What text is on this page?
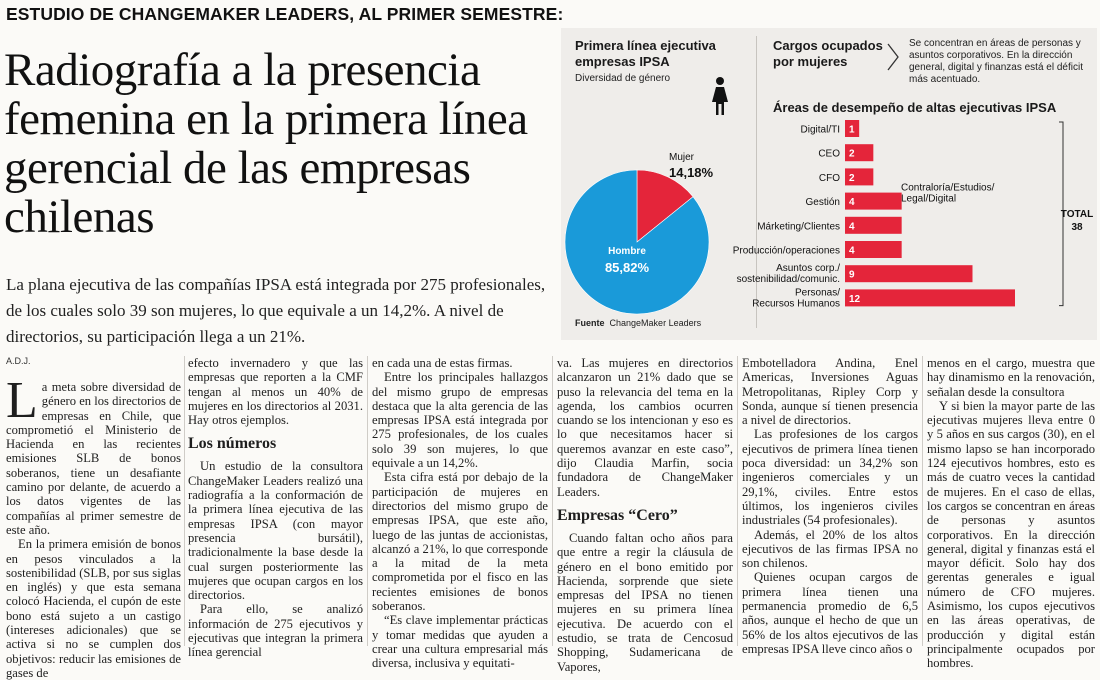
ESTUDIO DE CHANGEMAKER LEADERS, AL PRIMER SEMESTRE:
Radiografía a la presencia femenina en la primera línea gerencial de las empresas chilenas

La plana ejecutiva de las compañías IPSA está integrada por 275 profesionales, de los cuales solo 39 son mujeres, lo que equivale a un 14,2%. A nivel de directorios, su participación llega a un 21%.

Primera línea ejecutiva empresas IPSA
Diversidad de género
Mujer
14,18%
Hombre
85,82%
Fuente ChangeMaker Leaders
Cargos ocupados por mujeres
Se concentran en áreas de personas y asuntos corporativos. En la dirección general, digital y finanzas está el déficit más acentuado.
Áreas de desempeño de altas ejecutivas IPSA
Digital/TI 1
CEO 2
CFO 2
Gestión 4
Márketing/Clientes 4
Producción/operaciones 4
Asuntos corp./
sostenibilidad/comunic. 9
Personas/
Recursos Humanos 12
Contraloría/Estudios/
Legal/Digital
TOTAL
38
A.D.J.

La meta sobre diversidad de género en los directorios de empresas en Chile, que comprometió el Ministerio de Hacienda en las recientes emisiones SLB de bonos soberanos, tiene un desafiante camino por delante, de acuerdo a los datos vigentes de las compañías al primer semestre de este año.

En la primera emisión de bonos en pesos vinculados a la sostenibilidad (SLB, por sus siglas en inglés) y que esta semana colocó Hacienda, el cupón de este bono está sujeto a un castigo (intereses adicionales) que se activa si no se cumplen dos objetivos: reducir las emisiones de gases de

efecto invernadero y que las empresas que reporten a la CMF tengan al menos un 40% de mujeres en los directorios al 2031. Hay otros ejemplos.

Los números

Un estudio de la consultora ChangeMaker Leaders realizó una radiografía a la conformación de la primera línea ejecutiva de las empresas IPSA (con mayor presencia bursátil), tradicionalmente la base desde la cual surgen posteriormente las mujeres que ocupan cargos en los directorios.

Para ello, se analizó información de 275 ejecutivos y ejecutivas que integran la primera línea gerencial

en cada una de estas firmas.

Entre los principales hallazgos del mismo grupo de empresas destaca que la alta gerencia de las empresas IPSA está integrada por 275 profesionales, de los cuales solo 39 son mujeres, lo que equivale a un 14,2%.

Esta cifra está por debajo de la participación de mujeres en directorios del mismo grupo de empresas IPSA, que este año, luego de las juntas de accionistas, alcanzó a 21%, lo que corresponde a la mitad de la meta comprometida por el fisco en las recientes emisiones de bonos soberanos.

“Es clave implementar prácticas y tomar medidas que ayuden a crear una cultura empresarial más diversa, inclusiva y equitati-

va. Las mujeres en directorios alcanzaron un 21% dado que se puso la relevancia del tema en la agenda, los cambios ocurren cuando se los intencionan y eso es lo que necesitamos hacer si queremos avanzar en este caso”, dijo Claudia Marfin, socia fundadora de ChangeMaker Leaders.

Empresas “Cero”

Cuando faltan ocho años para que entre a regir la cláusula de género en el bono emitido por Hacienda, sorprende que siete empresas del IPSA no tienen mujeres en su primera línea ejecutiva. De acuerdo con el estudio, se trata de Cencosud Shopping, Sudamericana de Vapores,

Embotelladora Andina, Enel Americas, Inversiones Aguas Metropolitanas, Ripley Corp y Sonda, aunque sí tienen presencia a nivel de directorios.

Las profesiones de los cargos ejecutivos de primera línea tienen poca diversidad: un 34,2% son ingenieros comerciales y un 29,1%, civiles. Entre estos últimos, los ingenieros civiles industriales (54 profesionales).

Además, el 20% de los altos ejecutivos de las firmas IPSA no son chilenos.

Quienes ocupan cargos de primera línea tienen una permanencia promedio de 6,5 años, aunque el hecho de que un 56% de los altos ejecutivos de las empresas IPSA lleve cinco años o

menos en el cargo, muestra que hay dinamismo en la renovación, señalan desde la consultora

Y si bien la mayor parte de las ejecutivas mujeres lleva entre 0 y 5 años en sus cargos (30), en el mismo lapso se han incorporado 124 ejecutivos hombres, esto es más de cuatro veces la cantidad de mujeres. En el caso de ellas, los cargos se concentran en áreas de personas y asuntos corporativos. En la dirección general, digital y finanzas está el mayor déficit. Solo hay dos gerentas generales e igual número de CFO mujeres. Asimismo, los cupos ejecutivos en las áreas operativas, de producción y digital están principalmente ocupados por hombres.
